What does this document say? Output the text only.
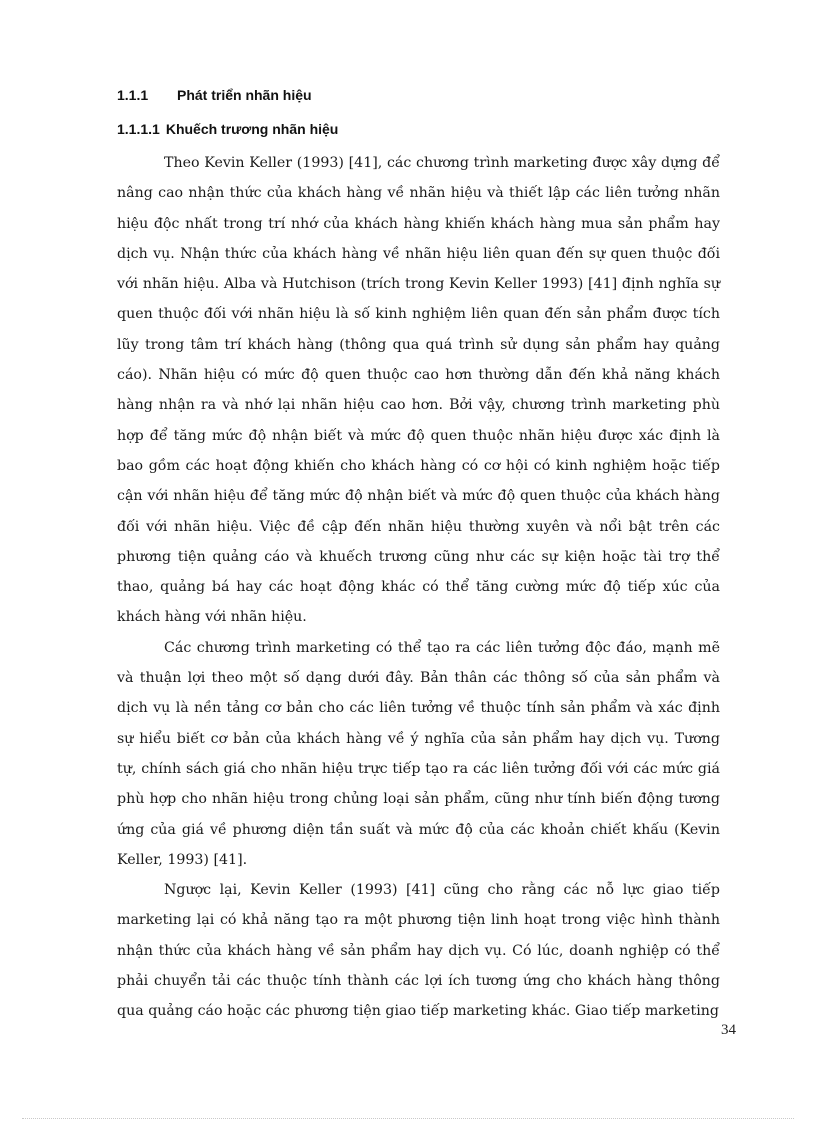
1.1.1 Phát triển nhãn hiệu
1.1.1.1 Khuếch trương nhãn hiệu

Theo Kevin Keller (1993) [41], các chương trình marketing được xây dựng để nâng cao nhận thức của khách hàng về nhãn hiệu và thiết lập các liên tưởng nhãn hiệu độc nhất trong trí nhớ của khách hàng khiến khách hàng mua sản phẩm hay dịch vụ. Nhận thức của khách hàng về nhãn hiệu liên quan đến sự quen thuộc đối với nhãn hiệu. Alba và Hutchison (trích trong Kevin Keller 1993) [41] định nghĩa sự quen thuộc đối với nhãn hiệu là số kinh nghiệm liên quan đến sản phẩm được tích lũy trong tâm trí khách hàng (thông qua quá trình sử dụng sản phẩm hay quảng cáo). Nhãn hiệu có mức độ quen thuộc cao hơn thường dẫn đến khả năng khách hàng nhận ra và nhớ lại nhãn hiệu cao hơn. Bởi vậy, chương trình marketing phù hợp để tăng mức độ nhận biết và mức độ quen thuộc nhãn hiệu được xác định là bao gồm các hoạt động khiến cho khách hàng có cơ hội có kinh nghiệm hoặc tiếp cận với nhãn hiệu để tăng mức độ nhận biết và mức độ quen thuộc của khách hàng đối với nhãn hiệu. Việc đề cập đến nhãn hiệu thường xuyên và nổi bật trên các phương tiện quảng cáo và khuếch trương cũng như các sự kiện hoặc tài trợ thể thao, quảng bá hay các hoạt động khác có thể tăng cường mức độ tiếp xúc của khách hàng với nhãn hiệu.

Các chương trình marketing có thể tạo ra các liên tưởng độc đáo, mạnh mẽ và thuận lợi theo một số dạng dưới đây. Bản thân các thông số của sản phẩm và dịch vụ là nền tảng cơ bản cho các liên tưởng về thuộc tính sản phẩm và xác định sự hiểu biết cơ bản của khách hàng về ý nghĩa của sản phẩm hay dịch vụ. Tương tự, chính sách giá cho nhãn hiệu trực tiếp tạo ra các liên tưởng đối với các mức giá phù hợp cho nhãn hiệu trong chủng loại sản phẩm, cũng như tính biến động tương ứng của giá về phương diện tần suất và mức độ của các khoản chiết khấu (Kevin Keller, 1993) [41].

Ngược lại, Kevin Keller (1993) [41] cũng cho rằng các nỗ lực giao tiếp marketing lại có khả năng tạo ra một phương tiện linh hoạt trong việc hình thành nhận thức của khách hàng về sản phẩm hay dịch vụ. Có lúc, doanh nghiệp có thể phải chuyển tải các thuộc tính thành các lợi ích tương ứng cho khách hàng thông qua quảng cáo hoặc các phương tiện giao tiếp marketing khác. Giao tiếp marketing

34
